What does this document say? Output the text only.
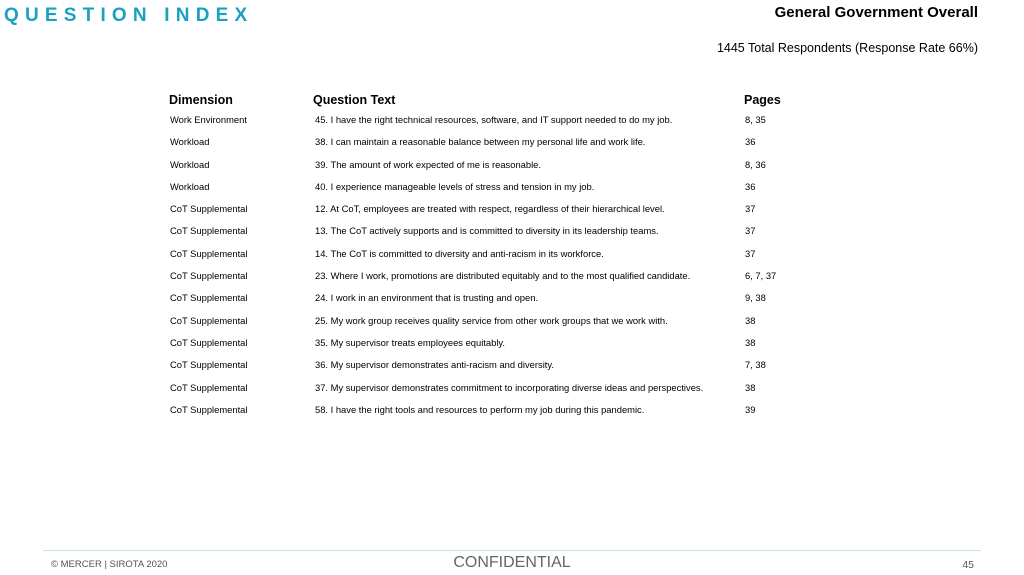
QUESTION INDEX	General Government Overall
1445 Total Respondents (Response Rate 66%)
Dimension	Question Text	Pages
Work Environment	45. I have the right technical resources, software, and IT support needed to do my job.	8, 35
Workload	38. I can maintain a reasonable balance between my personal life and work life.	36
Workload	39. The amount of work expected of me is reasonable.	8, 36
Workload	40. I experience manageable levels of stress and tension in my job.	36
CoT Supplemental	12. At CoT, employees are treated with respect, regardless of their hierarchical level.	37
CoT Supplemental	13. The CoT actively supports and is committed to diversity in its leadership teams.	37
CoT Supplemental	14. The CoT is committed to diversity and anti-racism in its workforce.	37
CoT Supplemental	23. Where I work, promotions are distributed equitably and to the most qualified candidate.	6, 7, 37
CoT Supplemental	24. I work in an environment that is trusting and open.	9, 38
CoT Supplemental	25. My work group receives quality service from other work groups that we work with.	38
CoT Supplemental	35. My supervisor treats employees equitably.	38
CoT Supplemental	36. My supervisor demonstrates anti-racism and diversity.	7, 38
CoT Supplemental	37. My supervisor demonstrates commitment to incorporating diverse ideas and perspectives.	38
CoT Supplemental	58. I have the right tools and resources to perform my job during this pandemic.	39
© MERCER | SIROTA 2020	CONFIDENTIAL	45
